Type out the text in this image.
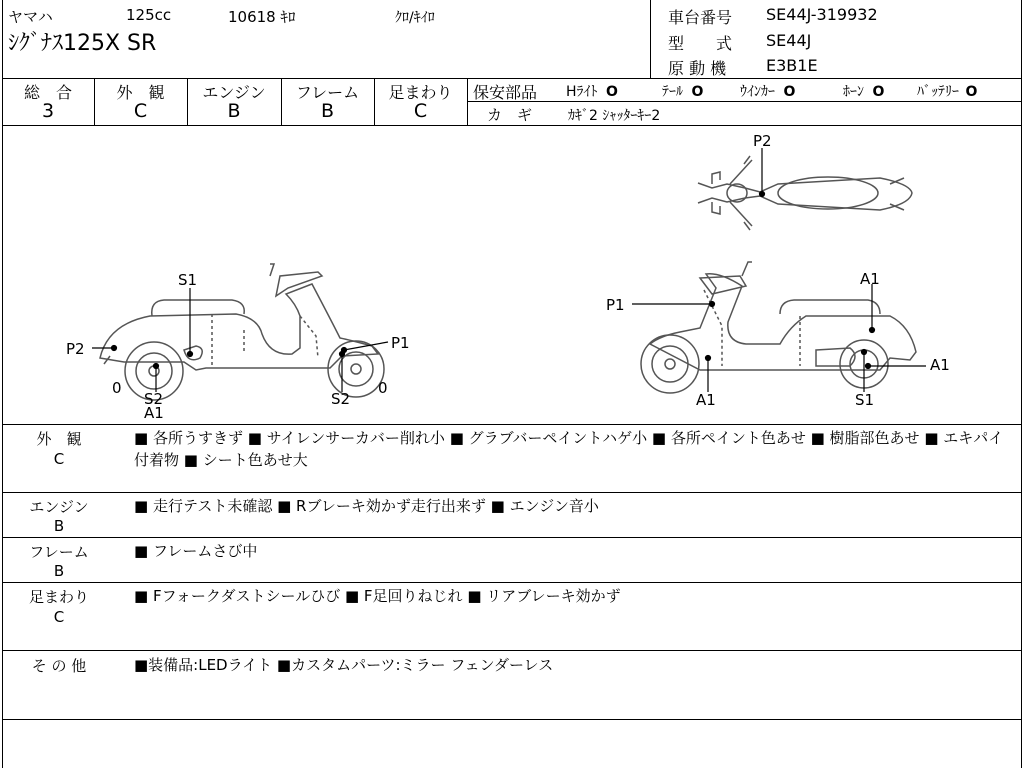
ヤマハ	125cc	10618 ｷﾛ	ｸﾛ/ｷｲﾛ
ｼｸﾞﾅｽ125X SR
車台番号 SE44J-319932
型　　式 SE44J
原 動 機 E3B1E
総　合
3
外　観
C
エンジン
B
フレーム
B
足まわり
C
保安部品 Hﾗｲﾄ O	ﾃｰﾙ O	ｳｲﾝｶｰ O	ﾎｰﾝ O ﾊﾞｯﾃﾘｰ O
カ　ギ	ｶｷﾞ2 ｼｬｯﾀｰｷｰ2
S1
P1
P2
0	0
S2
A1
S2
P2
P1
A1
A1
A1	S1
外　観
C
■ 各所うすきず ■ サイレンサーカバー削れ小 ■ グラブバーペイントハゲ小 ■ 各所ペイント色あせ ■ 樹脂部色あせ ■ エキパイ付着物 ■ シート色あせ大
エンジン
B
■ 走行テスト未確認 ■ Rブレーキ効かず走行出来ず ■ エンジン音小
フレーム
B
■ フレームさび中
足まわり
C
■ Fフォークダストシールひび ■ F足回りねじれ ■ リアブレーキ効かず
そ の 他	■装備品:LEDライト ■カスタムパーツ:ミラー フェンダーレス
